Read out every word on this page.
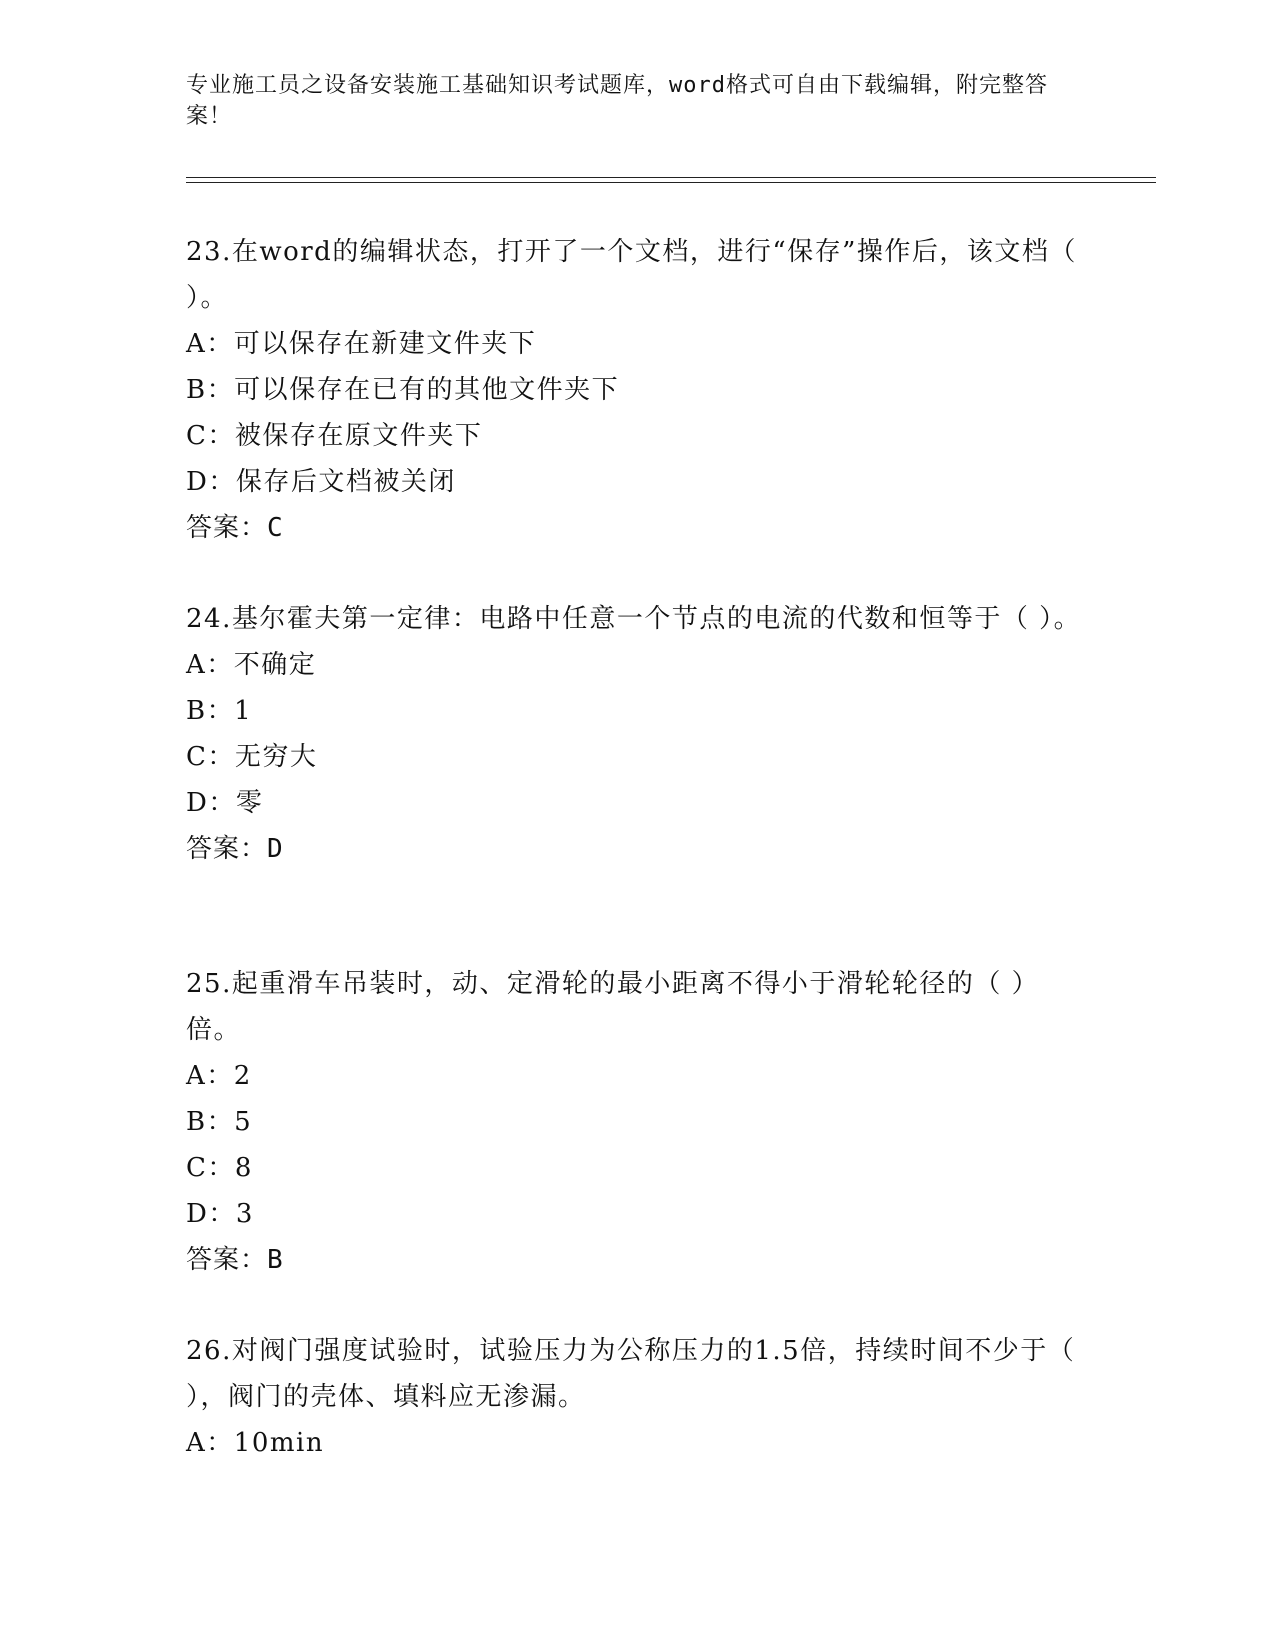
专业施工员之设备安装施工基础知识考试题库，word格式可自由下载编辑，附完整答案！
23.在word的编辑状态，打开了一个文档，进行“保存”操作后，该文档（ ）。
A：可以保存在新建文件夹下
B：可以保存在已有的其他文件夹下
C：被保存在原文件夹下
D：保存后文档被关闭
答案：C
24.基尔霍夫第一定律：电路中任意一个节点的电流的代数和恒等于（ ）。
A：不确定
B：1
C：无穷大
D：零
答案：D
25.起重滑车吊装时，动、定滑轮的最小距离不得小于滑轮轮径的（ ）倍。
A：2
B：5
C：8
D：3
答案：B
26.对阀门强度试验时，试验压力为公称压力的1.5倍，持续时间不少于（ ），阀门的壳体、填料应无渗漏。
A：10min
